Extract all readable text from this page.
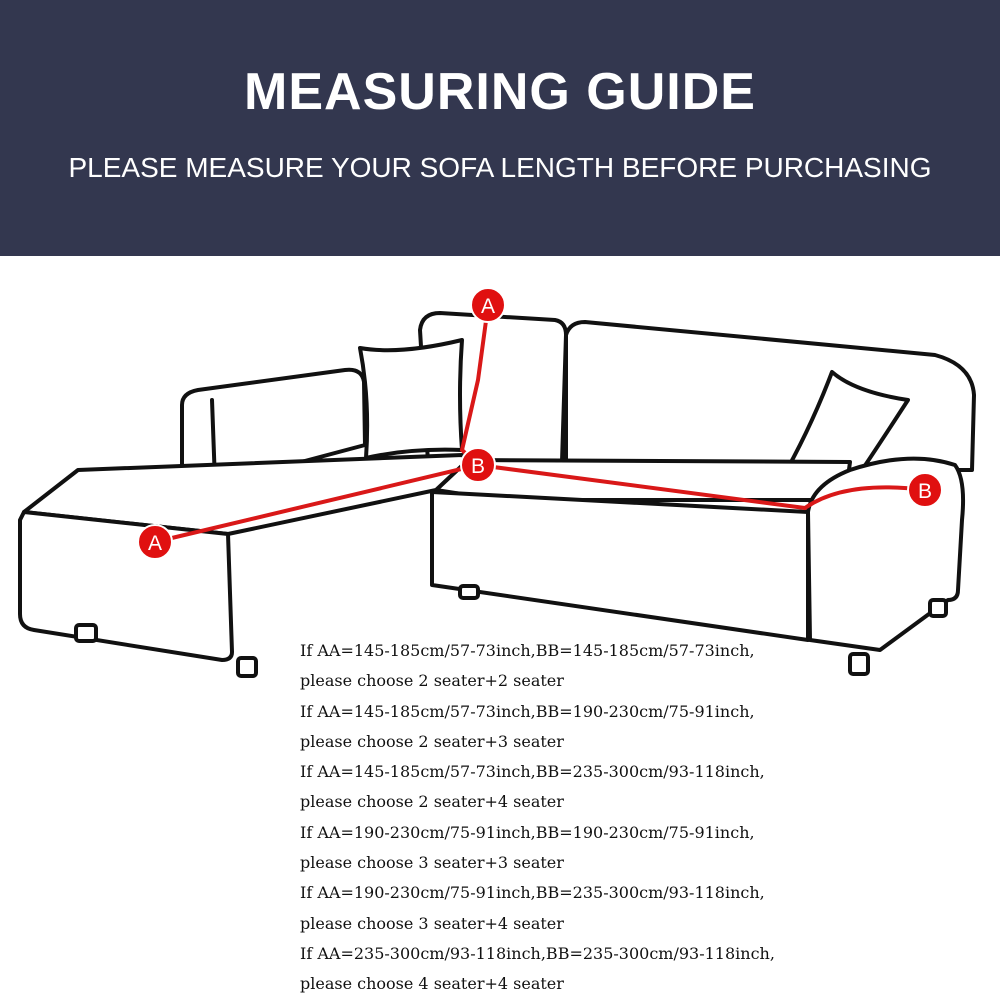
MEASURING GUIDE

PLEASE MEASURE YOUR SOFA LENGTH BEFORE PURCHASING

A
B
A
B
If AA=145-185cm/57-73inch,BB=145-185cm/57-73inch,
please choose 2 seater+2 seater
If AA=145-185cm/57-73inch,BB=190-230cm/75-91inch,
please choose 2 seater+3 seater
If AA=145-185cm/57-73inch,BB=235-300cm/93-118inch,
please choose 2 seater+4 seater
If AA=190-230cm/75-91inch,BB=190-230cm/75-91inch,
please choose 3 seater+3 seater
If AA=190-230cm/75-91inch,BB=235-300cm/93-118inch,
please choose 3 seater+4 seater
If AA=235-300cm/93-118inch,BB=235-300cm/93-118inch,
please choose 4 seater+4 seater
